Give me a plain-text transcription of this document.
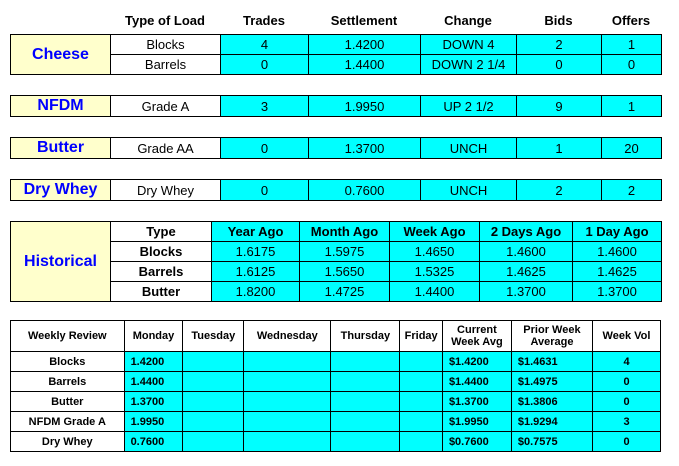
	Type of Load	Trades	Settlement	Change	Bids	Offers
Cheese	Blocks	4	1.4200	DOWN 4	2	1
	Barrels	0	1.4400	DOWN 2 1/4	0	0
NFDM	Grade A	3	1.9950	UP 2 1/2	9	1
Butter	Grade AA	0	1.3700	UNCH	1	20
Dry Whey	Dry Whey	0	0.7600	UNCH	2	2
Historical	Type	Year Ago	Month Ago	Week Ago	2 Days Ago	1 Day Ago
	Blocks	1.6175	1.5975	1.4650	1.4600	1.4600
	Barrels	1.6125	1.5650	1.5325	1.4625	1.4625
	Butter	1.8200	1.4725	1.4400	1.3700	1.3700
Weekly Review	Monday	Tuesday	Wednesday	Thursday	Friday	Current Week Avg	Prior Week Average	Week Vol
Blocks	1.4200					$1.4200	$1.4631	4
Barrels	1.4400					$1.4400	$1.4975	0
Butter	1.3700					$1.3700	$1.3806	0
NFDM Grade A	1.9950					$1.9950	$1.9294	3
Dry Whey	0.7600					$0.7600	$0.7575	0
